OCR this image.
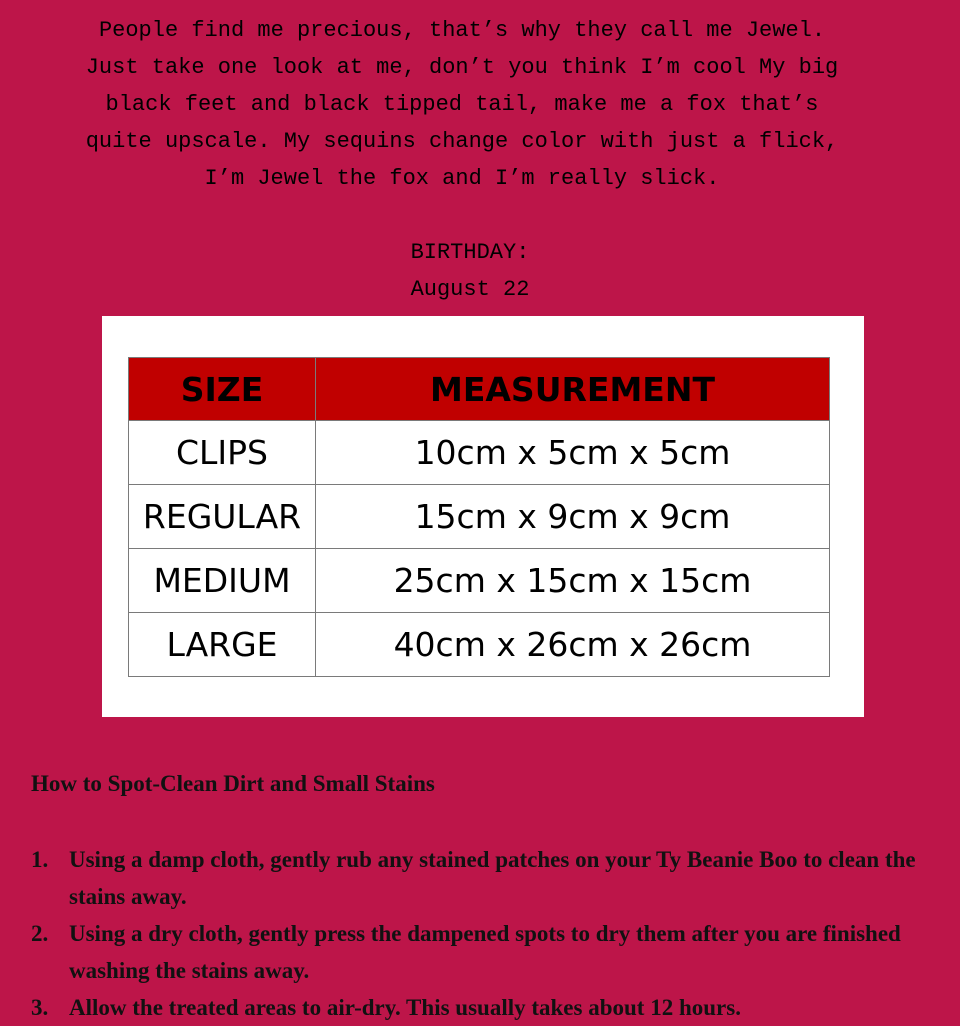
People find me precious, that’s why they call me Jewel.

Just take one look at me, don’t you think I’m cool My big

black feet and black tipped tail, make me a fox that’s

quite upscale. My sequins change color with just a flick,

I’m Jewel the fox and I’m really slick.

BIRTHDAY:
August 22
SIZE	MEASUREMENT
CLIPS	10cm x 5cm x 5cm
REGULAR	15cm x 9cm x 9cm
MEDIUM	25cm x 15cm x 15cm
LARGE	40cm x 26cm x 26cm
How to Spot-Clean Dirt and Small Stains
1. Using a damp cloth, gently rub any stained patches on your Ty Beanie Boo to clean the stains away.
2. Using a dry cloth, gently press the dampened spots to dry them after you are finished washing the stains away.
3. Allow the treated areas to air-dry. This usually takes about 12 hours.
